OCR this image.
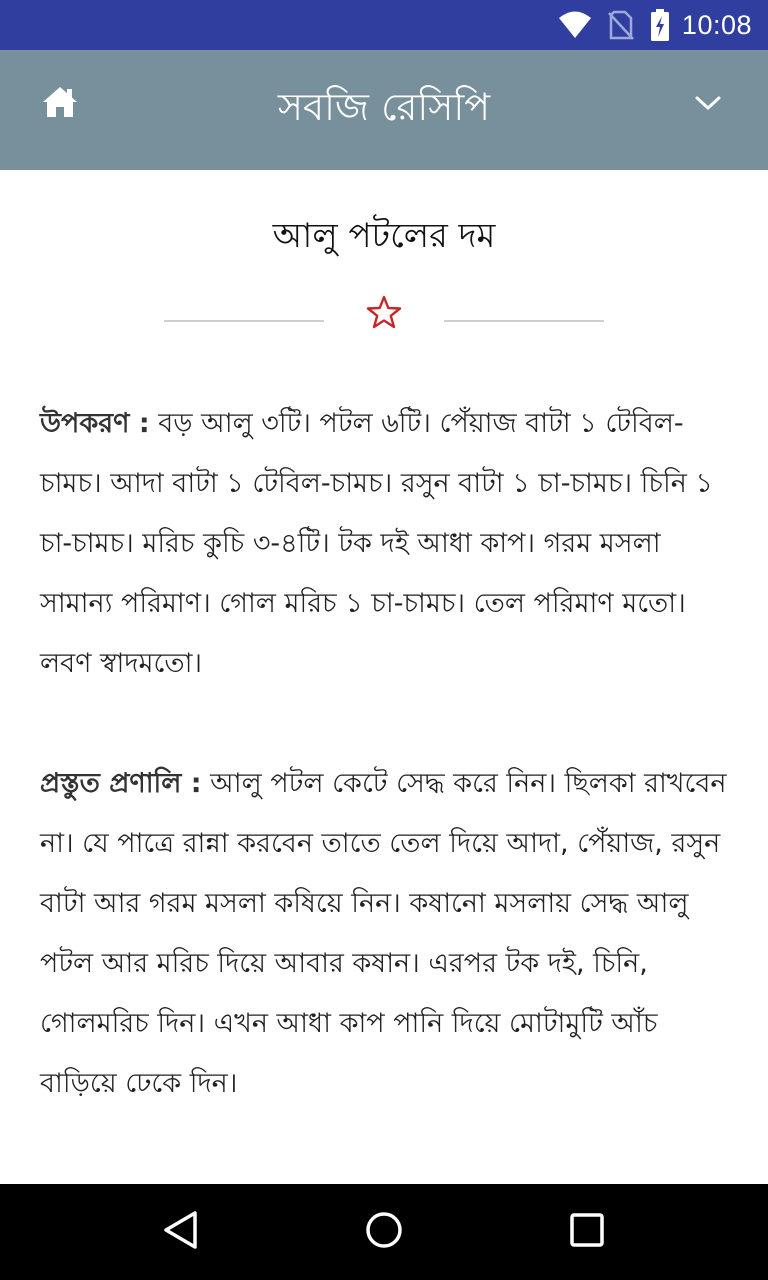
10:08
সবজি রেসিপি
আলু পটলের দম

উপকরণ : বড় আলু ৩টি। পটল ৬টি। পেঁয়াজ বাটা ১ টেবিল-চামচ। আদা বাটা ১ টেবিল-চামচ। রসুন বাটা ১ চা-চামচ। চিনি ১ চা-চামচ। মরিচ কুচি ৩-৪টি। টক দই আধা কাপ। গরম মসলা সামান্য পরিমাণ। গোল মরিচ ১ চা-চামচ। তেল পরিমাণ মতো। লবণ স্বাদমতো।

প্রস্তুত প্রণালি : আলু পটল কেটে সেদ্ধ করে নিন। ছিলকা রাখবেন না। যে পাত্রে রান্না করবেন তাতে তেল দিয়ে আদা, পেঁয়াজ, রসুন বাটা আর গরম মসলা কষিয়ে নিন। কষানো মসলায় সেদ্ধ আলু পটল আর মরিচ দিয়ে আবার কষান। এরপর টক দই, চিনি, গোলমরিচ দিন। এখন আধা কাপ পানি দিয়ে মোটামুটি আঁচ বাড়িয়ে ঢেকে দিন।
